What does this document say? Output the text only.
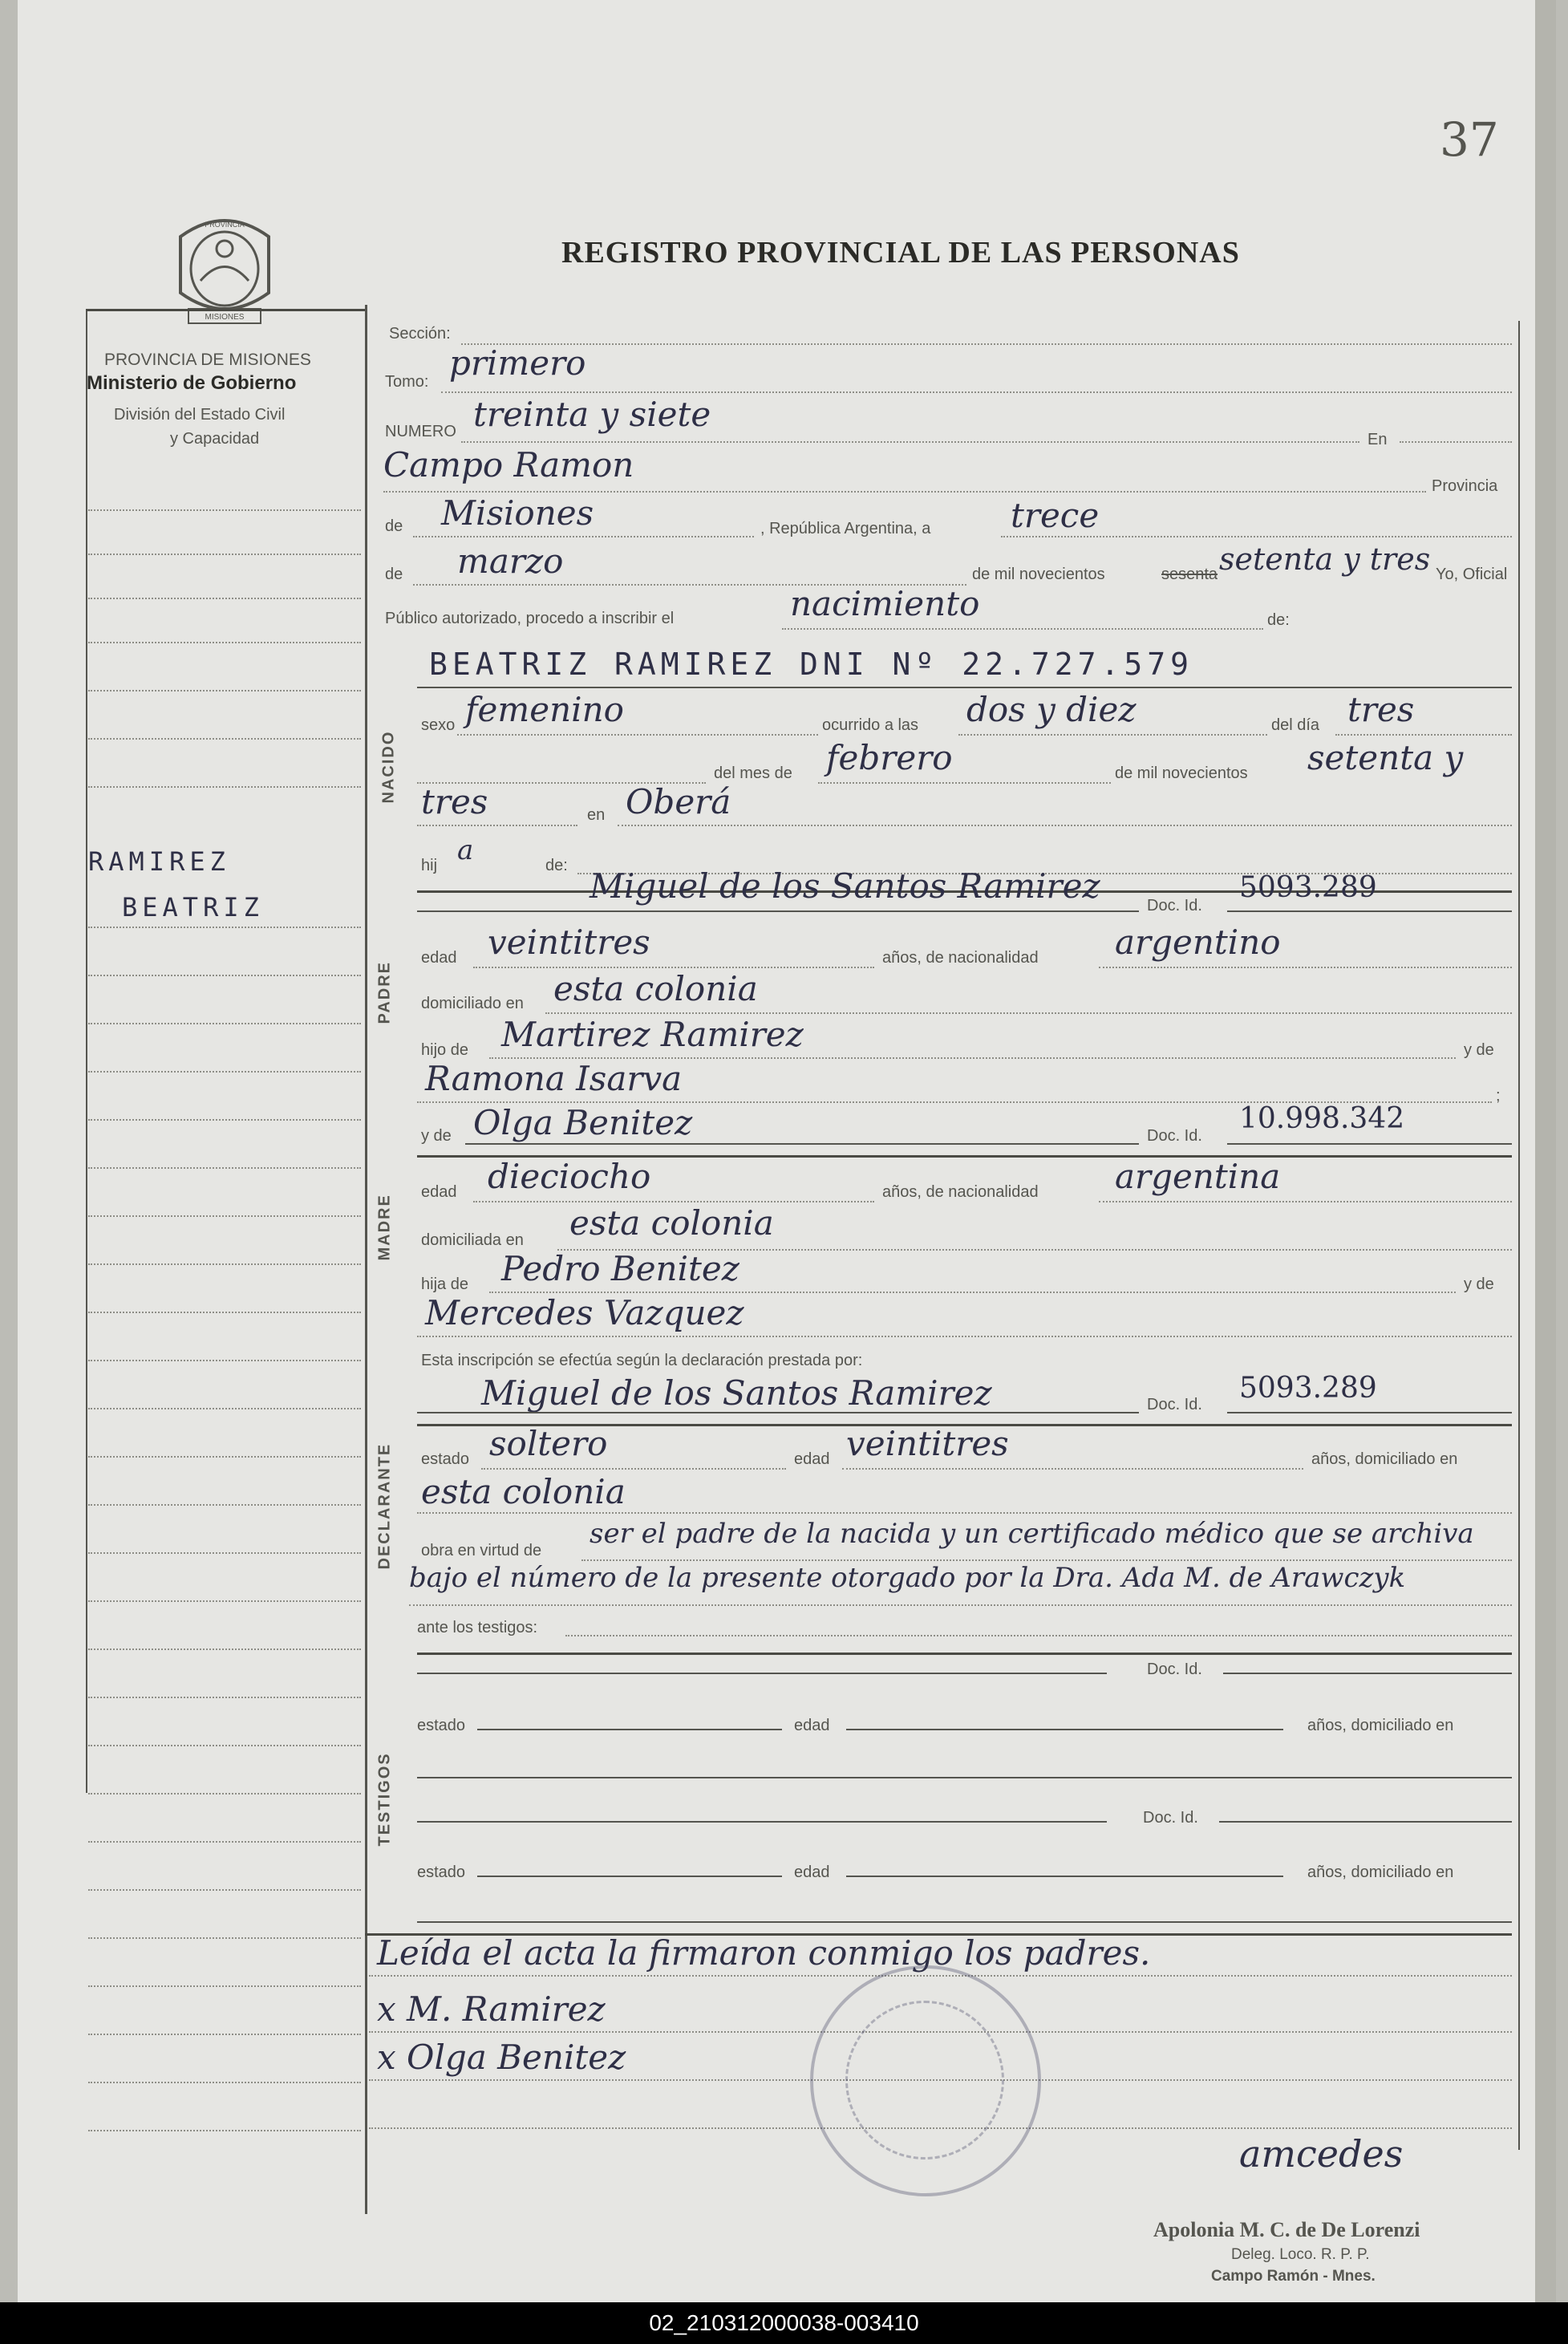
37
PROVINCIA
MISIONES
REGISTRO PROVINCIAL DE LAS PERSONAS
PROVINCIA DE MISIONES
Ministerio de Gobierno
División del Estado Civil
y Capacidad
RAMIREZ
BEATRIZ
Sección:
Tomo: primero
NUMERO treinta y siete
En
Campo Ramon
Provincia
de Misiones	, República Argentina, a trece
de marzo	de mil novecientos	sesenta setenta y tres Yo, Oficial
Público autorizado, procedo a inscribir el	nacimiento	de:
NACIDO
BEATRIZ RAMIREZ DNI Nº 22.727.579
sexo femenino	ocurrido a las dos y diez	del día tres
del mes de febrero	de mil novecientos setenta y
tres	en Oberá
hij a	de:
PADRE
Miguel de los Santos Ramirez	Doc. Id.
5093.289
edad veintitres	años, de nacionalidad argentino
domiciliado en esta colonia
hijo de Martirez Ramirez	y de
Ramona Isarva	;
y de Olga Benitez	Doc. Id.
10.998.342
MADRE
edad dieciocho	años, de nacionalidad argentina
domiciliada en esta colonia
hija de Pedro Benitez	y de
Mercedes Vazquez
Esta inscripción se efectúa según la declaración prestada por:
Miguel de los Santos Ramirez	Doc. Id. 5093.289
DECLARANTE estado soltero	edad veintitres	años, domiciliado en
esta colonia
obra en virtud de
ser el padre de la nacida y un certificado médico que se archiva
bajo el número de la presente otorgado por la Dra. Ada M. de Arawczyk
ante los testigos:
TESTIGOS
Doc. Id.
estado	edad	años, domiciliado en
Doc. Id.
estado	edad	años, domiciliado en
Leída el acta la firmaron conmigo los padres.
x M. Ramirez
x Olga Benitez
amcedes
Apolonia M. C. de De Lorenzi
Deleg. Loco. R. P. P.
Campo Ramón - Mnes.
02_210312000038-003410
